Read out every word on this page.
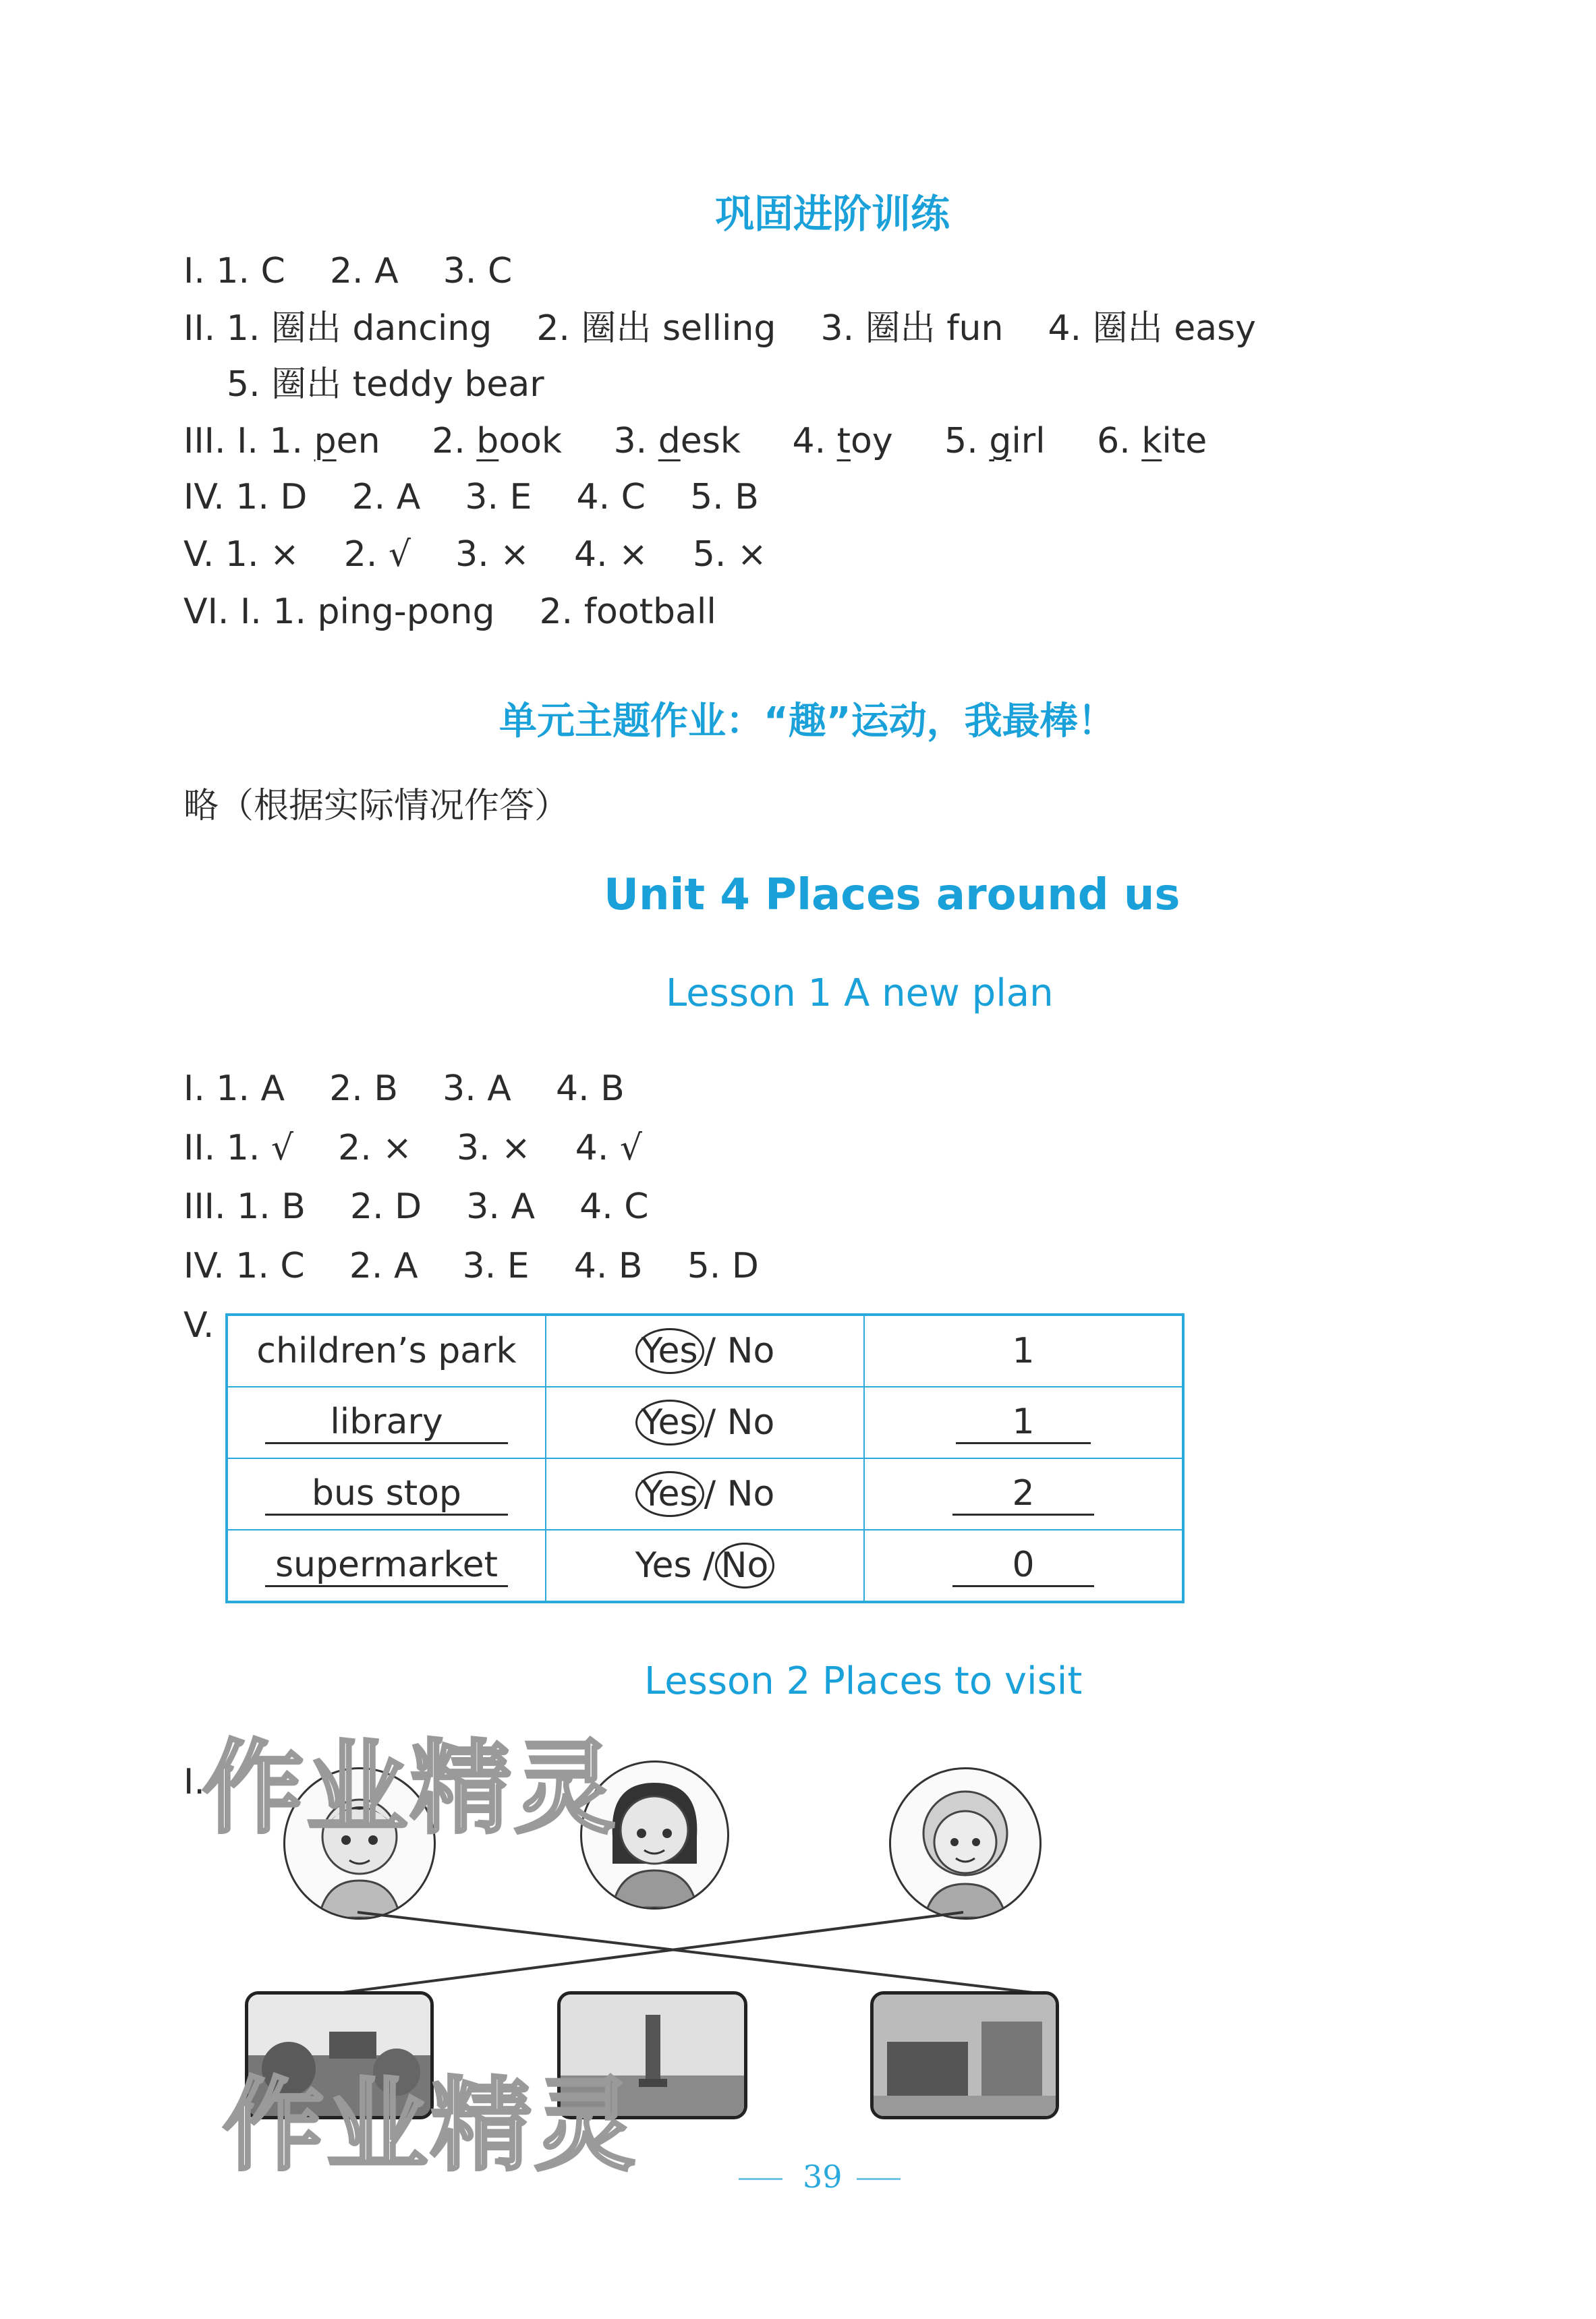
巩固进阶训练
I. 1. C    2. A    3. C
II. 1. 圈出 dancing    2. 圈出 selling    3. 圈出 fun    4. 圈出 easy
5. 圈出 teddy bear
III. I. 1. pen 2. book 3. desk 4. toy 5. girl 6. kite
IV. 1. D    2. A    3. E    4. C    5. B
V. 1. ×    2. √    3. ×    4. ×    5. ×
VI. I. 1. ping-pong    2. football
单元主题作业：“趣”运动，我最棒！
略（根据实际情况作答）
Unit 4 Places around us
Lesson 1 A new plan
I. 1. A    2. B    3. A    4. B
II. 1. √    2. ×    3. ×    4. √
III. 1. B    2. D    3. A    4. C
IV. 1. C    2. A    3. E    4. B    5. D
V.
children’s park	Yes / No	1
library	Yes / No	1
bus stop	Yes / No	2
supermarket	Yes / No	0
Lesson 2 Places to visit
I.
作业精灵
作业精灵	39
